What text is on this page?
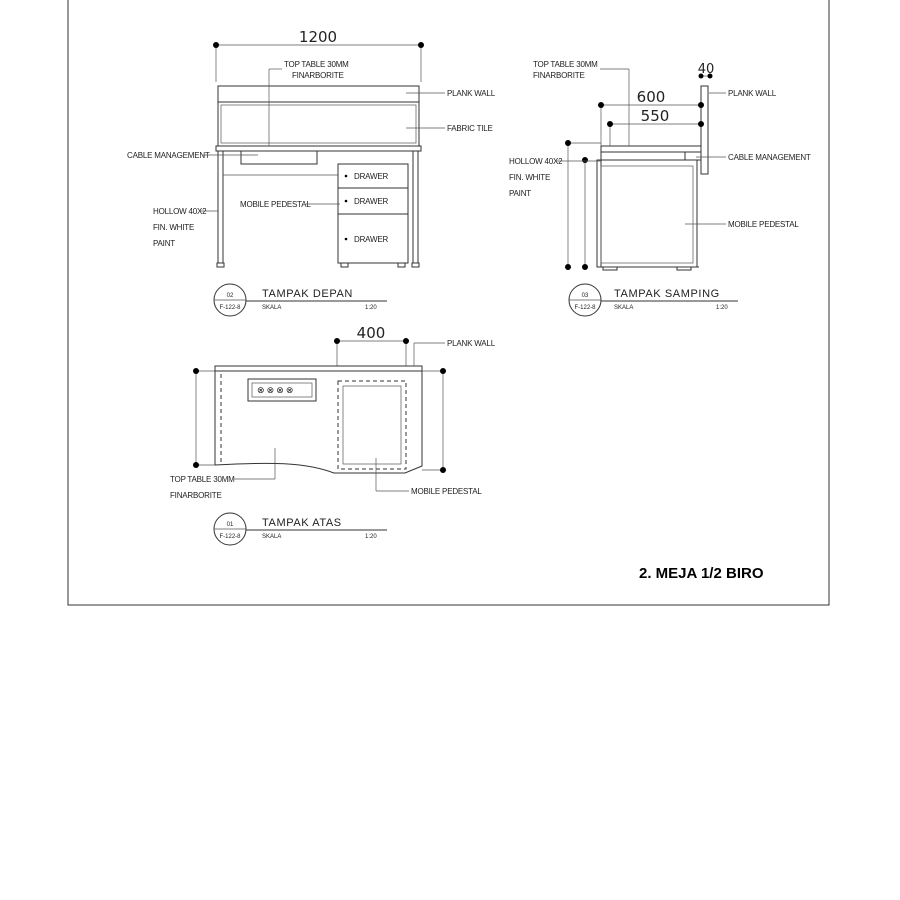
1200
DRAWER
DRAWER
DRAWER
TOP TABLE 30MM
FINARBORITE
PLANK WALL
FABRIC TILE
CABLE MANAGEMENT
HOLLOW 40X2
FIN. WHITE
PAINT
MOBILE PEDESTAL
02
F-122-8
TAMPAK DEPAN
SKALA	1:20
40
600
550
TOP TABLE 30MM
FINARBORITE
PLANK WALL
CABLE MANAGEMENT
HOLLOW 40X2
FIN. WHITE
PAINT
MOBILE PEDESTAL
03
F-122-8
TAMPAK SAMPING
SKALA	1:20
400
⊗ ⊗ ⊗ ⊗
PLANK WALL
TOP TABLE 30MM
FINARBORITE	MOBILE PEDESTAL
01
F-122-8
TAMPAK ATAS
SKALA	1:20
2. MEJA 1/2 BIRO
